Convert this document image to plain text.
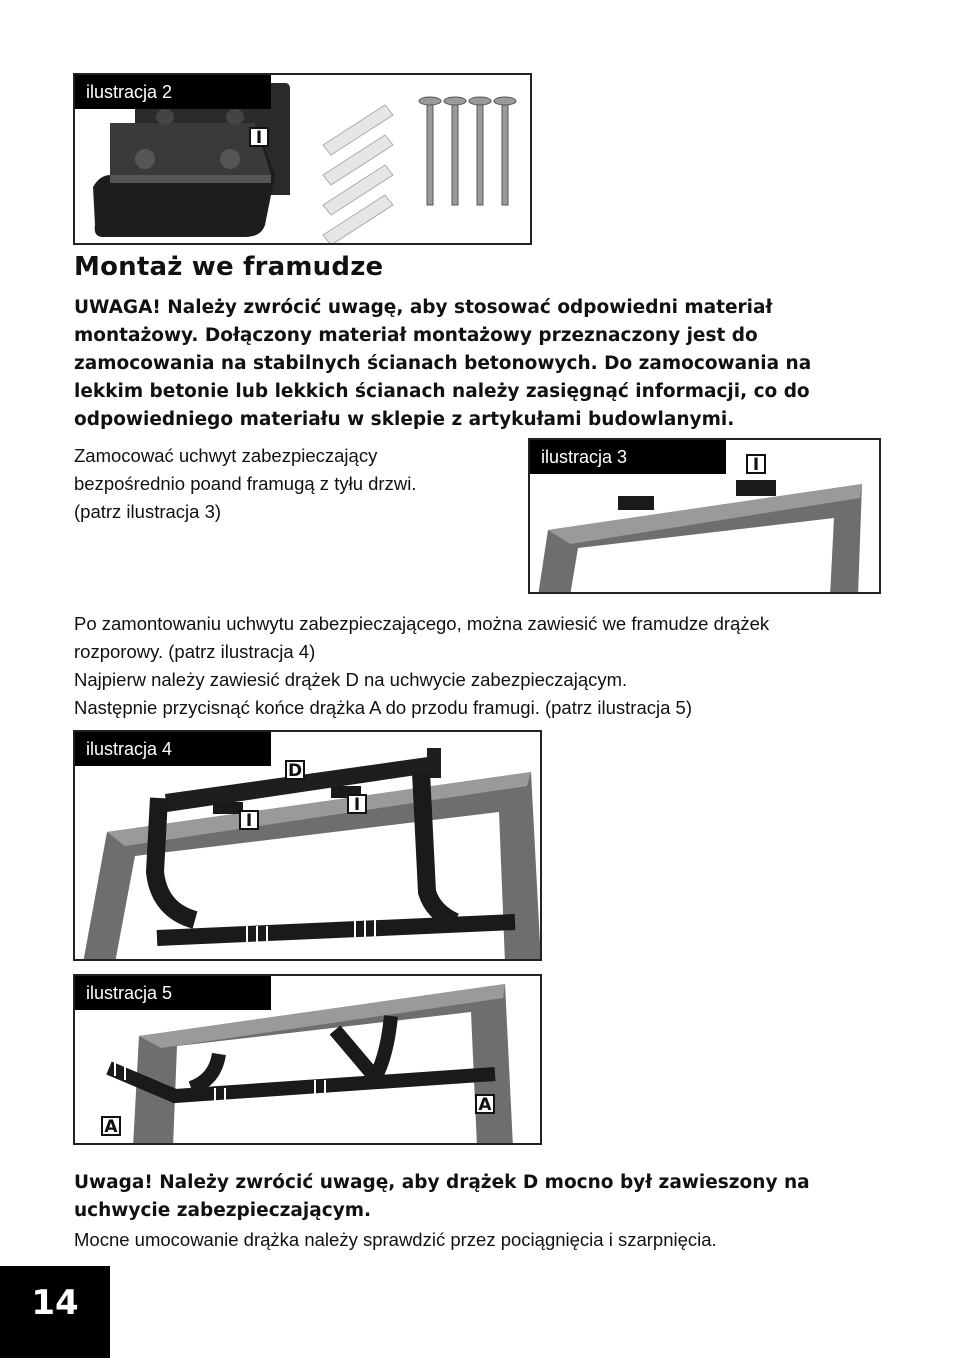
ilustracja 2
I
Montaż we framudze

UWAGA! Należy zwrócić uwagę, aby stosować odpowiedni materiał montażowy. Dołączony materiał montażowy przeznaczony jest do zamocowania na stabilnych ścianach betonowych. Do zamocowania na lekkim betonie lub lekkich ścianach należy zasięgnąć informacji, co do odpowiedniego materiału w sklepie z artykułami budowlanymi.

Zamocować uchwyt zabezpieczający
bezpośrednio poand framugą z tyłu drzwi.
(patrz ilustracja 3)
ilustracja 3	I
Po zamontowaniu uchwytu zabezpieczającego, można zawiesić we framudze drążek
rozporowy. (patrz ilustracja 4)
Najpierw należy zawiesić drążek D na uchwycie zabezpieczającym.
Następnie przycisnąć końce drążka A do przodu framugi. (patrz ilustracja 5)
ilustracja 4
D
I
I
ilustracja 5
A
A

Uwaga! Należy zwrócić uwagę, aby drążek D mocno był zawieszony na uchwycie zabezpieczającym.

Mocne umocowanie drążka należy sprawdzić przez pociągnięcia i szarpnięcia.
14
